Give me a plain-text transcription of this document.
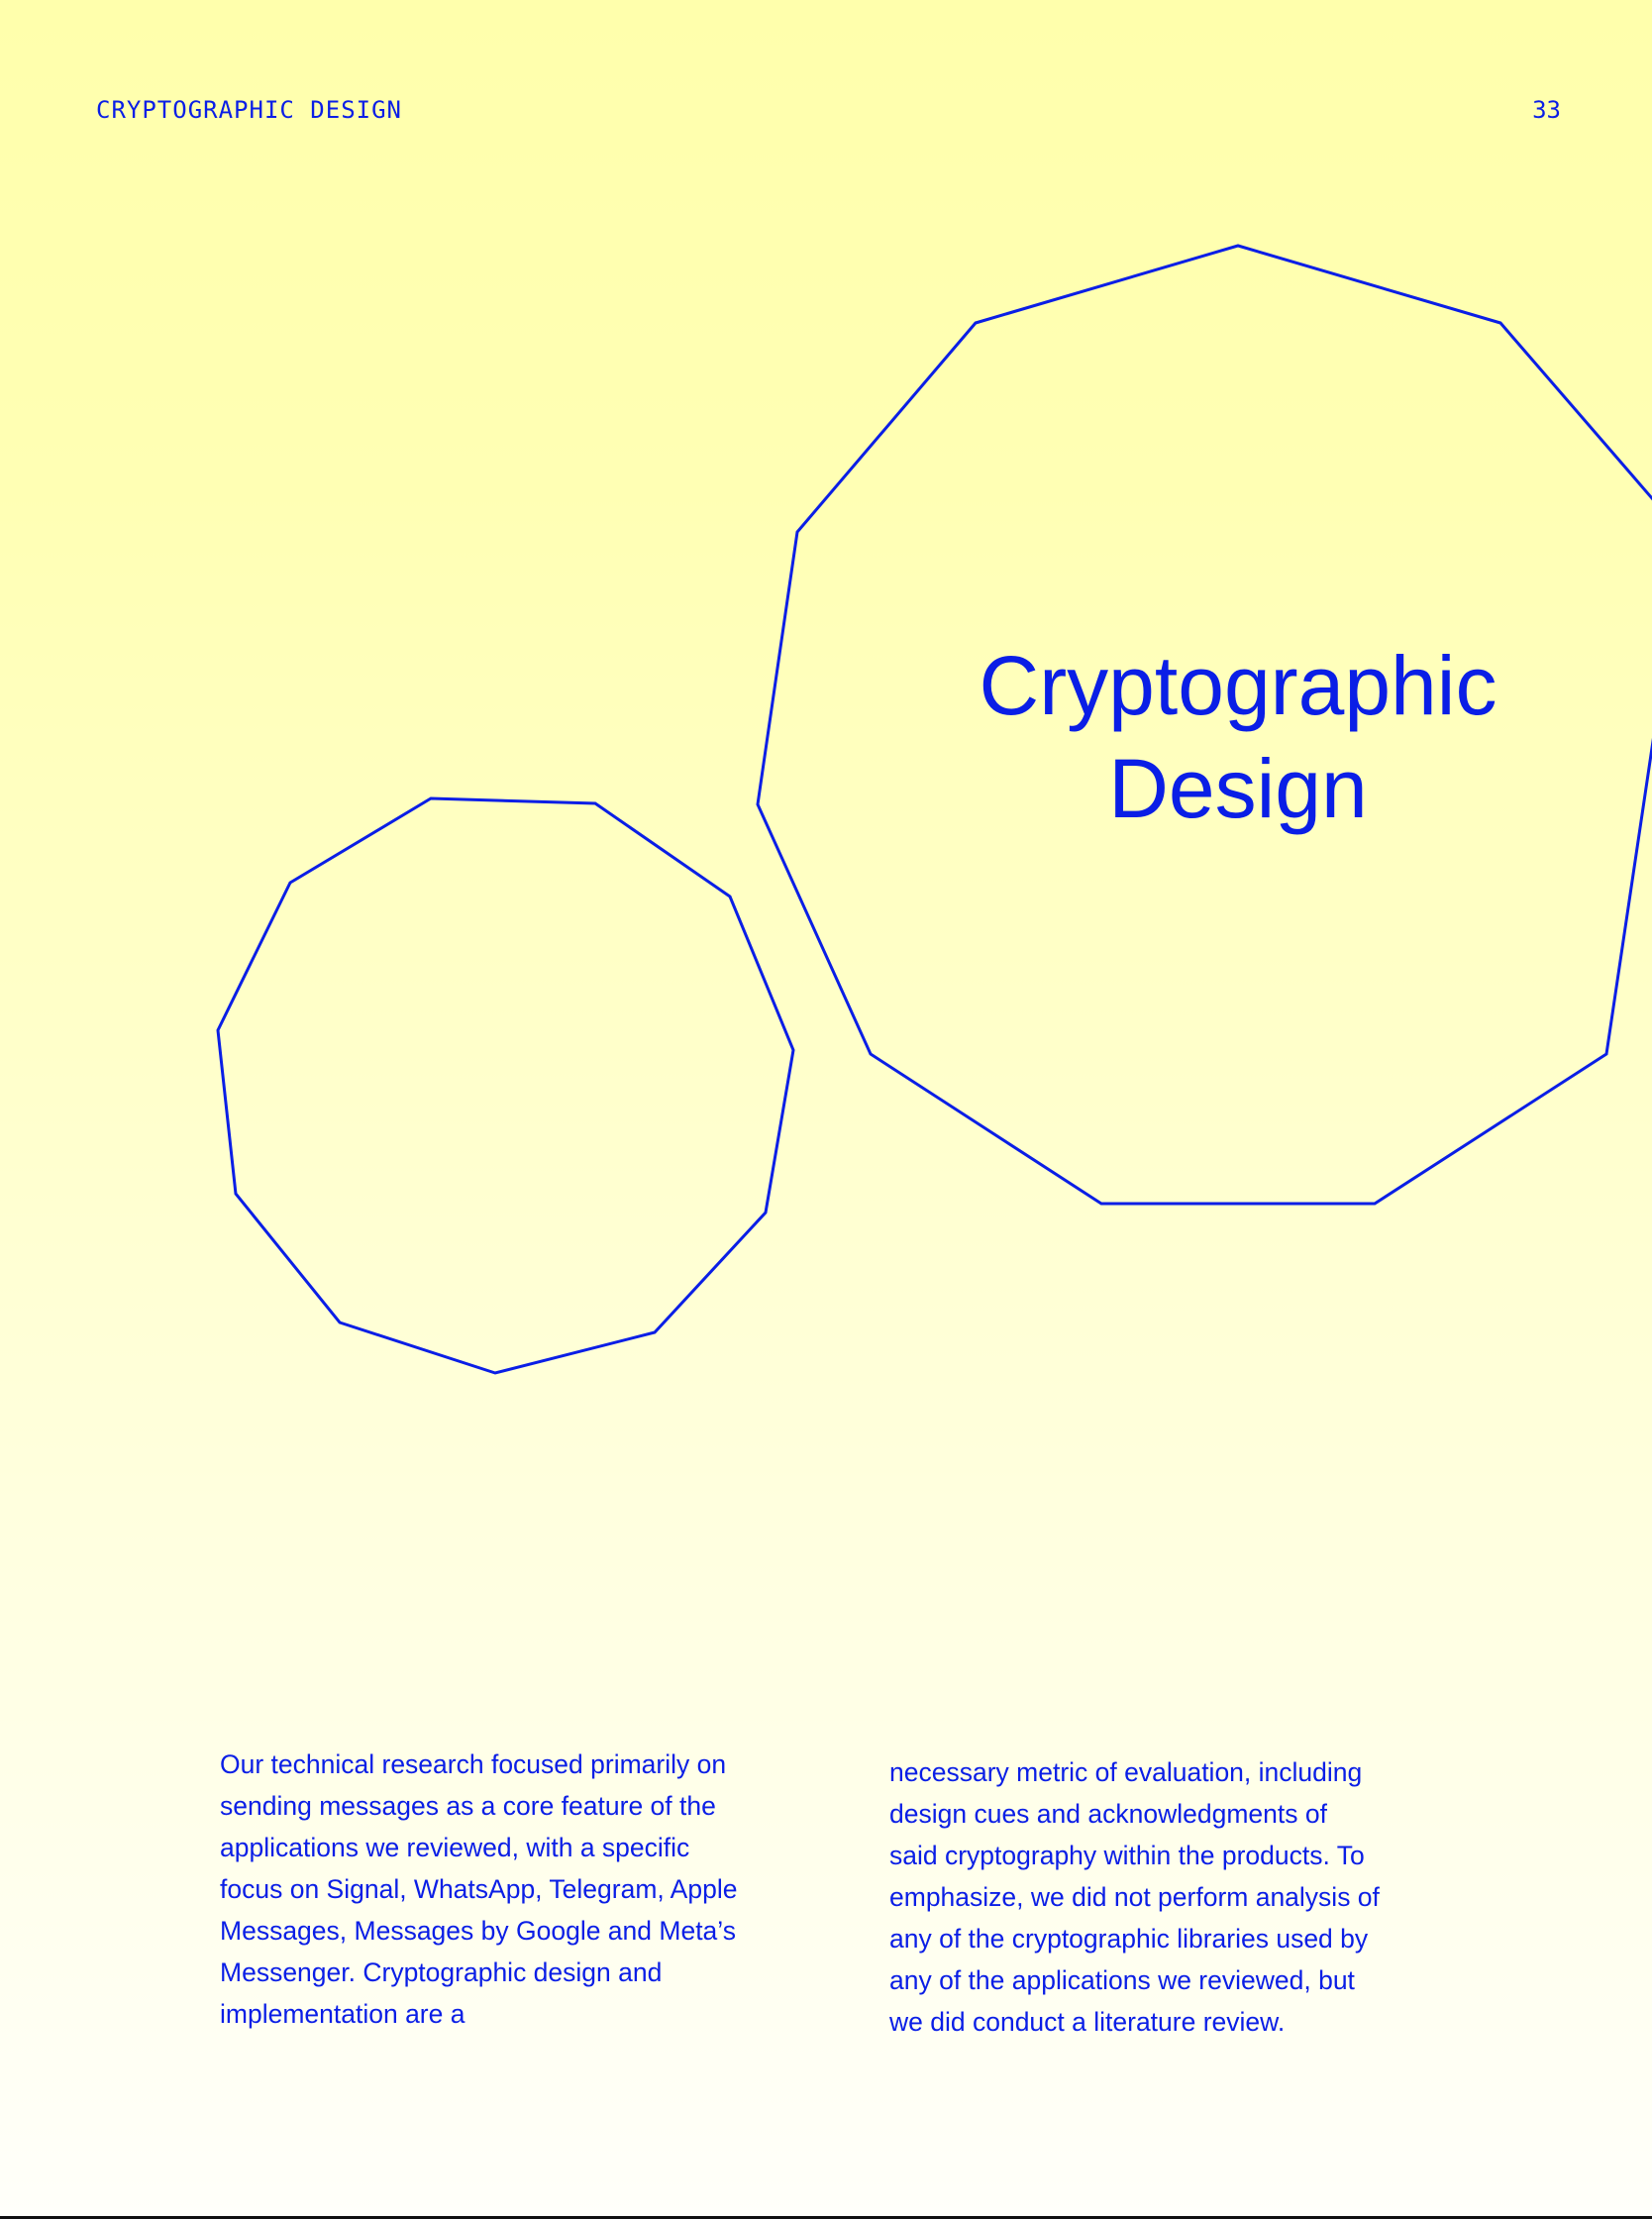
CRYPTOGRAPHIC DESIGN	33
Cryptographic
Design

Our technical research focused primarily on
sending messages as a core feature of the
applications we reviewed, with a specific
focus on Signal, WhatsApp, Telegram, Apple
Messages, Messages by Google and Meta’s
Messenger. Cryptographic design and
implementation are a

necessary metric of evaluation, including
design cues and acknowledgments of
said cryptography within the products. To
emphasize, we did not perform analysis of
any of the cryptographic libraries used by
any of the applications we reviewed, but
we did conduct a literature review.
